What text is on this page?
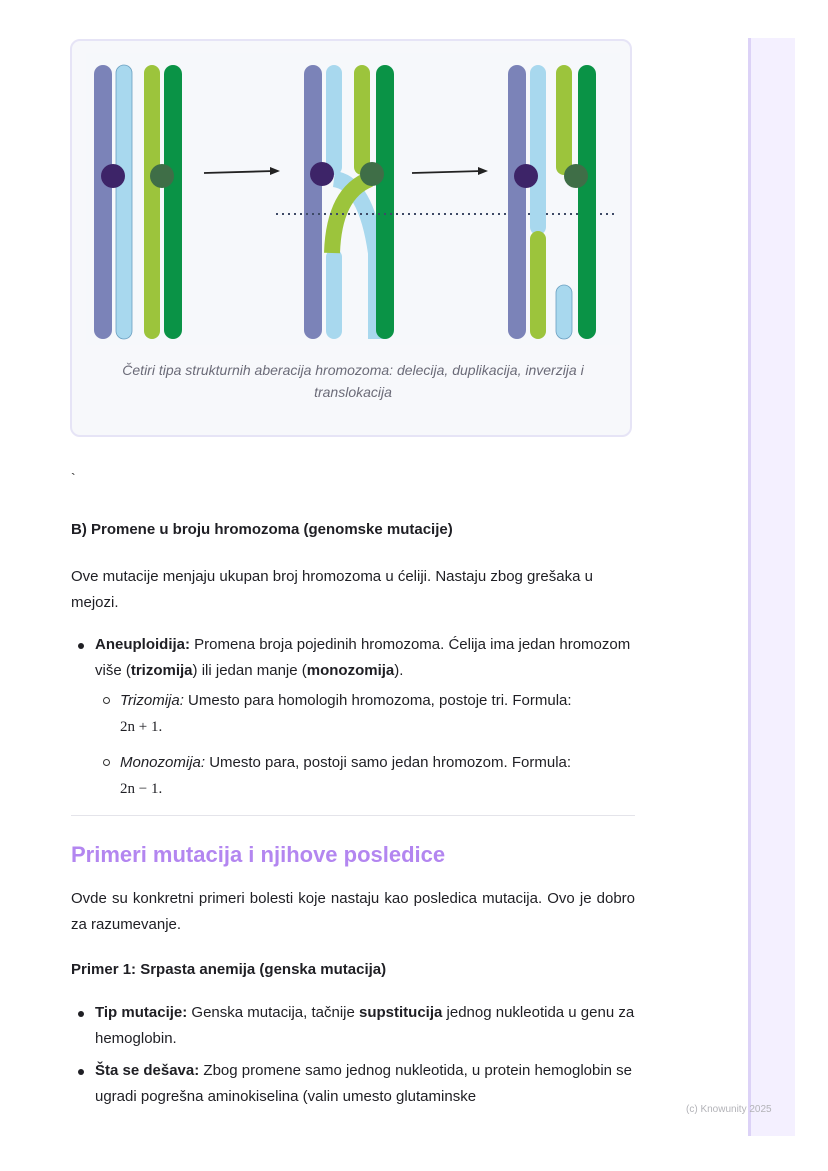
(c) Knowunity 2025
Četiri tipa strukturnih aberacija hromozoma: delecija, duplikacija, inverzija i translokacija
`
B) Promene u broju hromozoma (genomske mutacije)

Ove mutacije menjaju ukupan broj hromozoma u ćeliji. Nastaju zbog grešaka u mejozi.

Aneuploidija: Promena broja pojedinih hromozoma. Ćelija ima jedan hromozom više (trizomija) ili jedan manje (monozomija).
Trizomija: Umesto para homologih hromozoma, postoje tri. Formula:
2n + 1.
Monozomija: Umesto para, postoji samo jedan hromozom. Formula:
2n − 1.
Primeri mutacija i njihove posledice

Ovde su konkretni primeri bolesti koje nastaju kao posledica mutacija. Ovo je dobro za razumevanje.

Primer 1: Srpasta anemija (genska mutacija)
Tip mutacije: Genska mutacija, tačnije supstitucija jednog nukleotida u genu za hemoglobin.
Šta se dešava: Zbog promene samo jednog nukleotida, u protein hemoglobin se ugradi pogrešna aminokiselina (valin umesto glutaminske
